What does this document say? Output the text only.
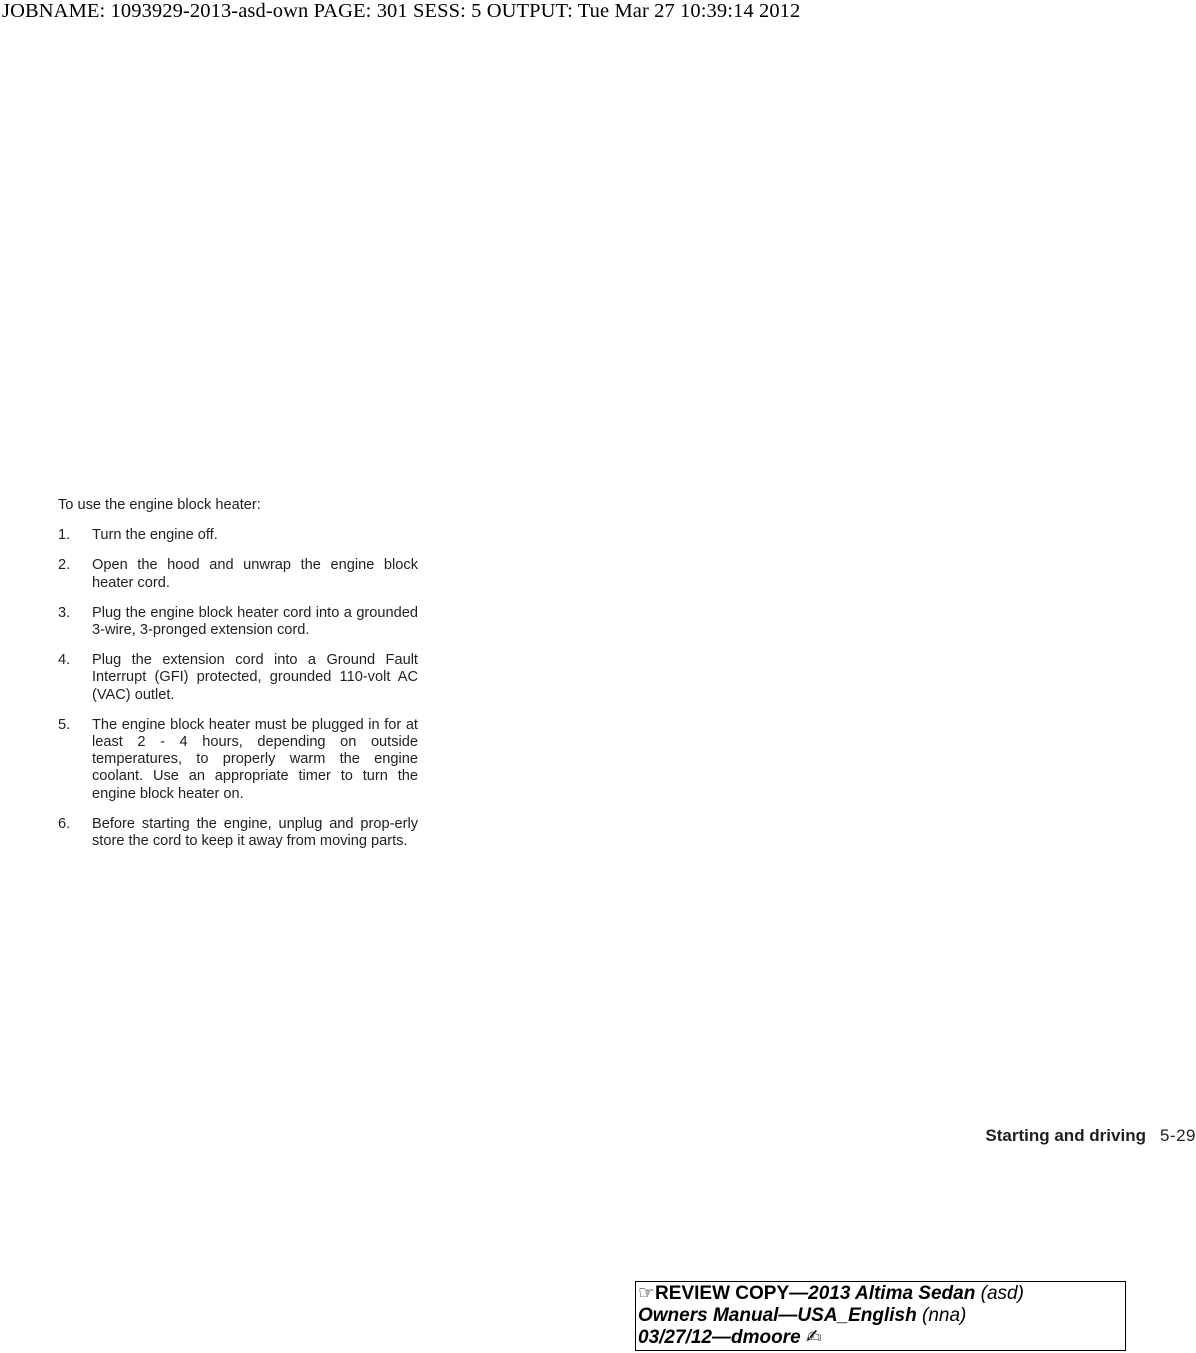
JOBNAME: 1093929-2013-asd-own PAGE: 301 SESS: 5 OUTPUT: Tue Mar 27 10:39:14 2012

To use the engine block heater:

1.	Turn the engine off.
2.	Open the hood and unwrap the engine block heater cord.
3.	Plug the engine block heater cord into a grounded 3-wire, 3-pronged extension cord.
4.	Plug the extension cord into a Ground Fault Interrupt (GFI) protected, grounded 110-volt AC (VAC) outlet.
5.	The engine block heater must be plugged in for at least 2 - 4 hours, depending on outside temperatures, to properly warm the engine coolant. Use an appropriate timer to turn the engine block heater on.
6.	Before starting the engine, unplug and prop-erly store the cord to keep it away from moving parts.
Starting and driving 5-29
☞REVIEW COPY—2013 Altima Sedan (asd)
Owners Manual—USA_English (nna)
03/27/12—dmoore ✍
